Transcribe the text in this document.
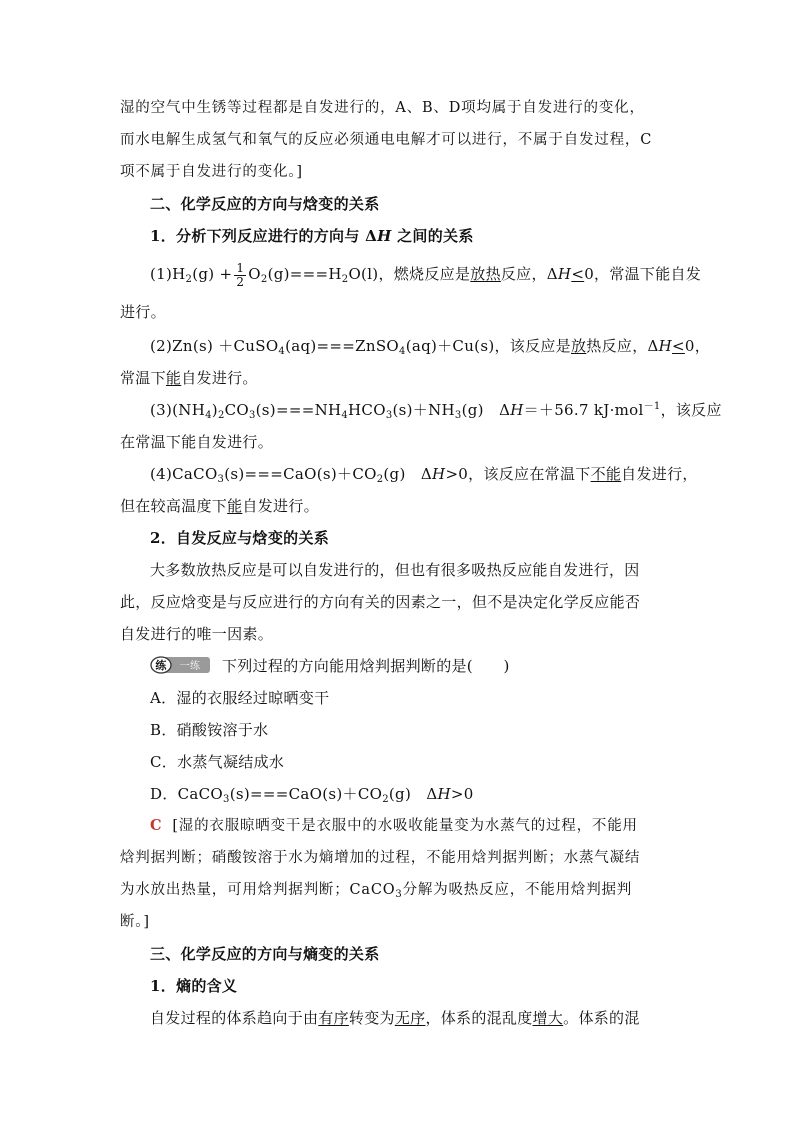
湿的空气中生锈等过程都是自发进行的，A、B、D项均属于自发进行的变化，
而水电解生成氢气和氧气的反应必须通电电解才可以进行，不属于自发过程，C
项不属于自发进行的变化。]
二、化学反应的方向与焓变的关系
1．分析下列反应进行的方向与 ΔH 之间的关系
$(1)H_2(g) + \frac{1}{2} O_2(g)===H_2O(l)$，燃烧反应是放热反应，ΔH<0，常温下能自发
进行。
(2)Zn(s) ＋CuSO$_4$(aq)===ZnSO$_4$(aq)＋Cu(s)，该反应是放热反应，ΔH<0，
常温下能自发进行。
$(3)(NH_4)_2CO_3(s)===NH_4HCO_3(s)+NH_3(g)$　ΔH＝＋56.7 kJ·mol$^{-1}$，该反应
在常温下能自发进行。
$(4)CaCO_3(s)===CaO(s)+CO_2(g)$　ΔH>0，该反应在常温下不能自发进行，
但在较高温度下能自发进行。
2．自发反应与焓变的关系
大多数放热反应是可以自发进行的，但也有很多吸热反应能自发进行，因
此，反应焓变是与反应进行的方向有关的因素之一，但不是决定化学反应能否
自发进行的唯一因素。
练 一练 下列过程的方向能用焓判据判断的是(　　)
A．湿的衣服经过晾晒变干
B．硝酸铵溶于水
C．水蒸气凝结成水
D．$CaCO_3(s)===CaO(s)+CO_2(g)$　ΔH>0
C [湿的衣服晾晒变干是衣服中的水吸收能量变为水蒸气的过程，不能用
焓判据判断；硝酸铵溶于水为熵增加的过程，不能用焓判据判断；水蒸气凝结
为水放出热量，可用焓判据判断；CaCO$_3$分解为吸热反应，不能用焓判据判
断。]
三、化学反应的方向与熵变的关系
1．熵的含义
自发过程的体系趋向于由有序转变为无序，体系的混乱度增大。体系的混
